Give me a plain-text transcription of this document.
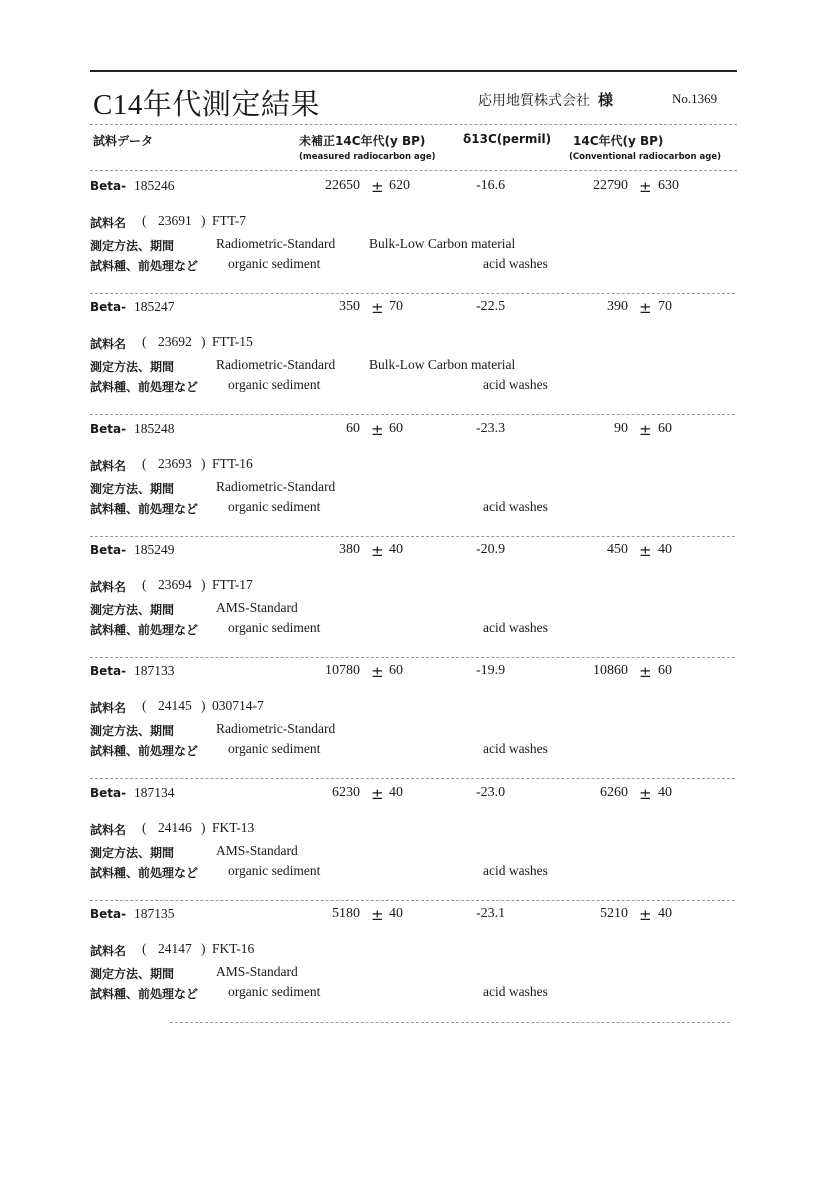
C14年代測定結果	応用地質株式会社 様	No.1369
試料データ	未補正14C年代(y BP)
(measured radiocarbon age)
δ13C(permil) 14C年代(y BP)
(Conventional radiocarbon age)
Beta- 185246	22650 ± 620	-16.6	22790 ± 630
試料名 ( 23691 ) FTT-7
測定方法、期間	Radiometric-Standard	Bulk-Low Carbon material
試料種、前処理など organic sediment	acid washes
Beta- 185247	350 ± 70	-22.5	390 ± 70
試料名 ( 23692 ) FTT-15
測定方法、期間	Radiometric-Standard	Bulk-Low Carbon material
試料種、前処理など organic sediment	acid washes
Beta- 185248	60 ± 60	-23.3	90 ± 60
試料名 ( 23693 ) FTT-16
測定方法、期間	Radiometric-Standard
試料種、前処理など organic sediment	acid washes
Beta- 185249	380 ± 40	-20.9	450 ± 40
試料名 ( 23694 ) FTT-17
測定方法、期間	AMS-Standard
試料種、前処理など organic sediment	acid washes
Beta- 187133	10780 ± 60	-19.9	10860 ± 60
試料名 ( 24145 ) 030714-7
測定方法、期間	Radiometric-Standard
試料種、前処理など organic sediment	acid washes
Beta- 187134	6230 ± 40	-23.0	6260 ± 40
試料名 ( 24146 ) FKT-13
測定方法、期間	AMS-Standard
試料種、前処理など organic sediment	acid washes
Beta- 187135	5180 ± 40	-23.1	5210 ± 40
試料名 ( 24147 ) FKT-16
測定方法、期間	AMS-Standard
試料種、前処理など organic sediment	acid washes
